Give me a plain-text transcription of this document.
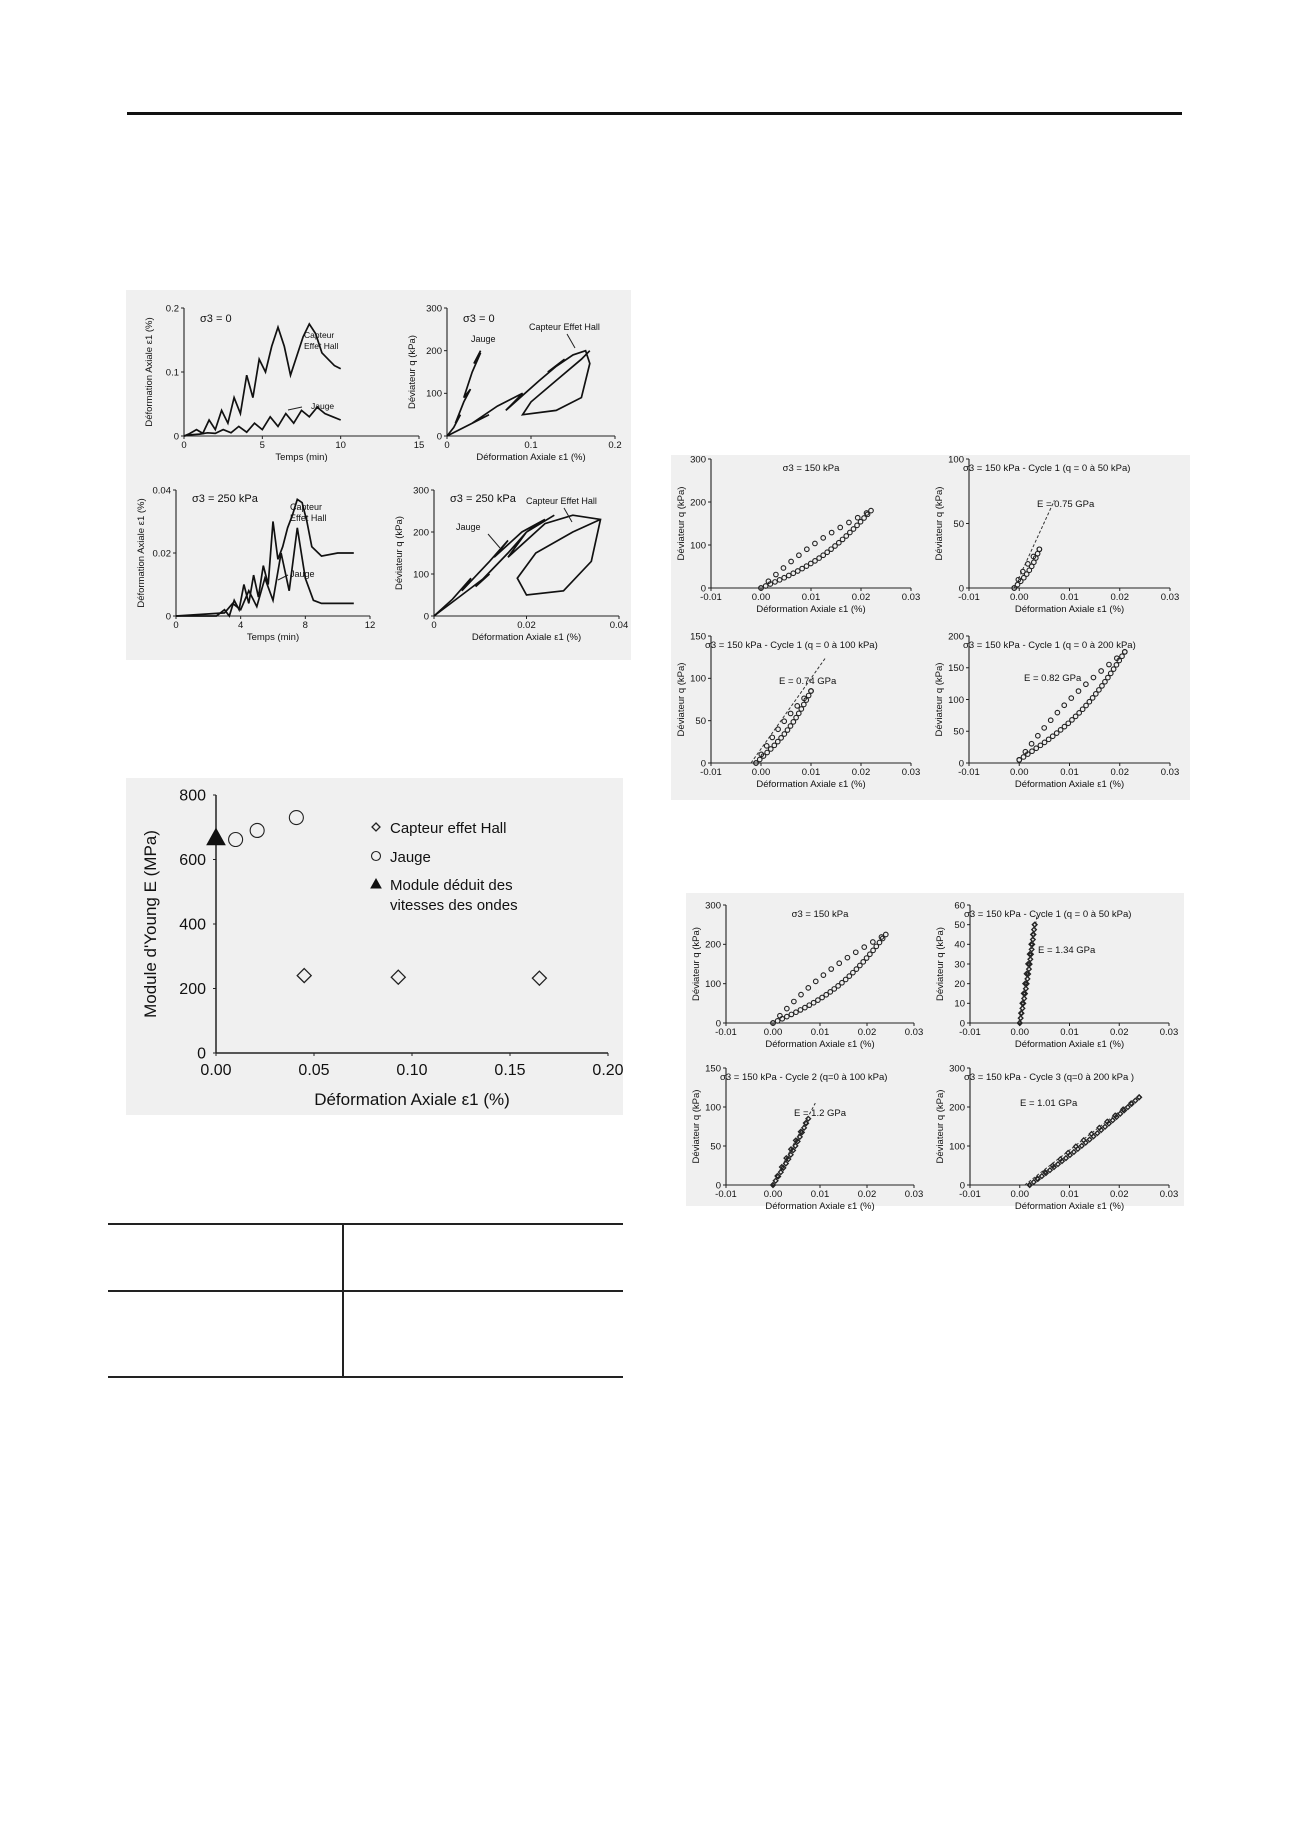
0	5	10	15
0
0.1
0.2
Temps (min)
Déformation Axiale ε1 (%)	σ3 = 0
Capteur
Effet Hall
Jauge
0	0.1	0.2
0
100
200
300
Déformation Axiale ε1 (%)
Déviateur q (kPa)
σ3 = 0
Capteur Effet Hall
Jauge
0	4	8	12
0
0.02
0.04
Temps (min)
Déformation Axiale ε1 (%)	σ3 = 250 kPa
Capteur
Effet Hall
Jauge
0	0.02	0.04
0
100
200
300
Déformation Axiale ε1 (%)
Déviateur q (kPa)
σ3 = 250 kPa Capteur Effet Hall
Jauge
0.00	0.05	0.10	0.15	0.20
0
200
400
600
800
Déformation Axiale ε1 (%)
Module d'Young E (MPa)
Capteur effet Hall
Jauge
Module déduit des
vitesses des ondes
-0.01	0.00	0.01	0.02	0.03
0
100
200
300
Déformation Axiale ε1 (%)
Déviateur q (kPa)
σ3 = 150 kPa
-0.01	0.00	0.01	0.02	0.03
0
50
100
Déformation Axiale ε1 (%)
Déviateur q (kPa)
σ3 = 150 kPa - Cycle 1 (q = 0 à 50 kPa)
E = 0.75 GPa
-0.01	0.00	0.01	0.02	0.03
0
50
100
150
Déformation Axiale ε1 (%)
Déviateur q (kPa)
σ3 = 150 kPa - Cycle 1 (q = 0 à 100 kPa)
E = 0.74 GPa
-0.01	0.00	0.01	0.02	0.03
0
50
100
150
200
Déformation Axiale ε1 (%)
Déviateur q (kPa)
σ3 = 150 kPa - Cycle 1 (q = 0 à 200 kPa)
E = 0.82 GPa
-0.01	0.00	0.01	0.02	0.03
0
100
200
300
Déformation Axiale ε1 (%)
Déviateur q (kPa)
σ3 = 150 kPa
-0.01	0.00	0.01	0.02	0.03
0
10
20
30
40
50
60
Déformation Axiale ε1 (%)
Déviateur q (kPa)
σ3 = 150 kPa - Cycle 1 (q = 0 à 50 kPa)
E = 1.34 GPa
-0.01	0.00	0.01	0.02	0.03
0
50
100
150
Déformation Axiale ε1 (%)
Déviateur q (kPa)
σ3 = 150 kPa - Cycle 2 (q=0 à 100 kPa)
E = 1.2 GPa
-0.01	0.00	0.01	0.02	0.03
0
100
200
300
Déformation Axiale ε1 (%)
Déviateur q (kPa)
σ3 = 150 kPa - Cycle 3 (q=0 à 200 kPa )
E = 1.01 GPa
